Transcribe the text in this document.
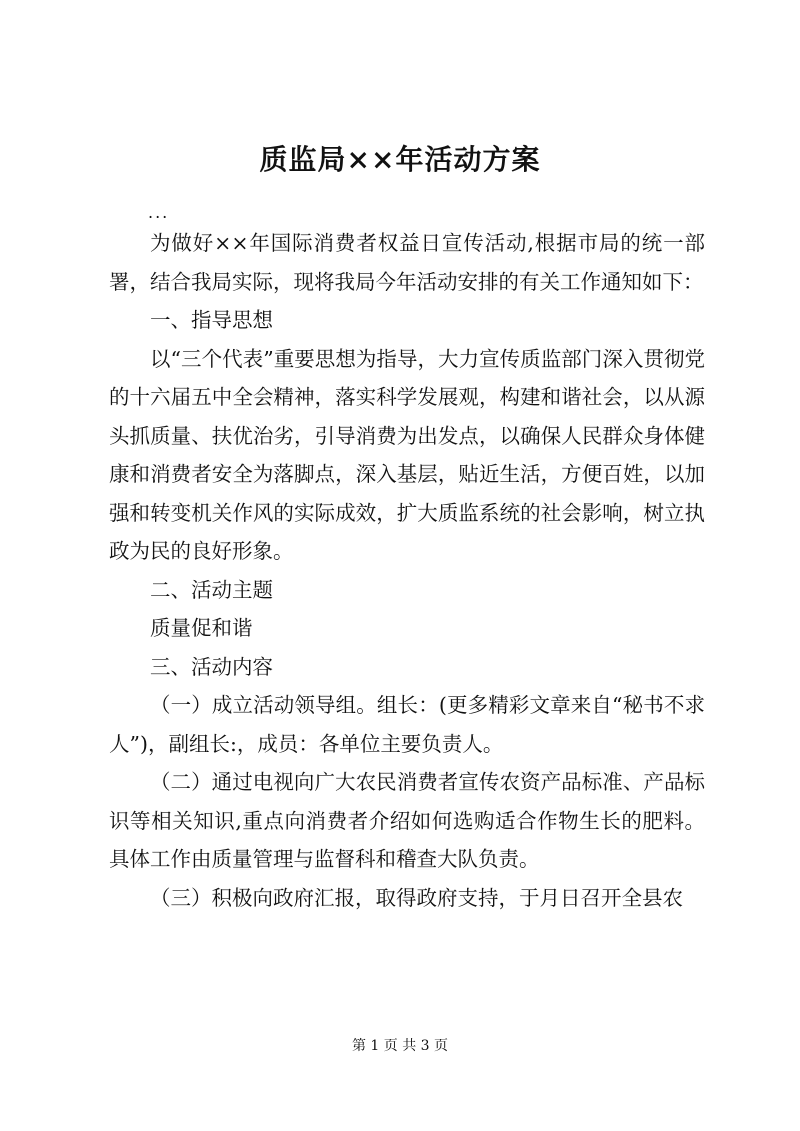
质监局××年活动方案
...

为做好××年国际消费者权益日宣传活动,根据市局的统一部署，结合我局实际，现将我局今年活动安排的有关工作通知如下：

一、指导思想

以“三个代表”重要思想为指导，大力宣传质监部门深入贯彻党的十六届五中全会精神，落实科学发展观，构建和谐社会，以从源头抓质量、扶优治劣，引导消费为出发点，以确保人民群众身体健康和消费者安全为落脚点，深入基层，贴近生活，方便百姓，以加强和转变机关作风的实际成效，扩大质监系统的社会影响，树立执政为民的良好形象。

二、活动主题

质量促和谐

三、活动内容

（一）成立活动领导组。组长：(更多精彩文章来自“秘书不求人”)，副组长:，成员：各单位主要负责人。

（二）通过电视向广大农民消费者宣传农资产品标准、产品标识等相关知识,重点向消费者介绍如何选购适合作物生长的肥料。具体工作由质量管理与监督科和稽查大队负责。

（三）积极向政府汇报，取得政府支持，于月日召开全县农

第 1 页 共 3 页
